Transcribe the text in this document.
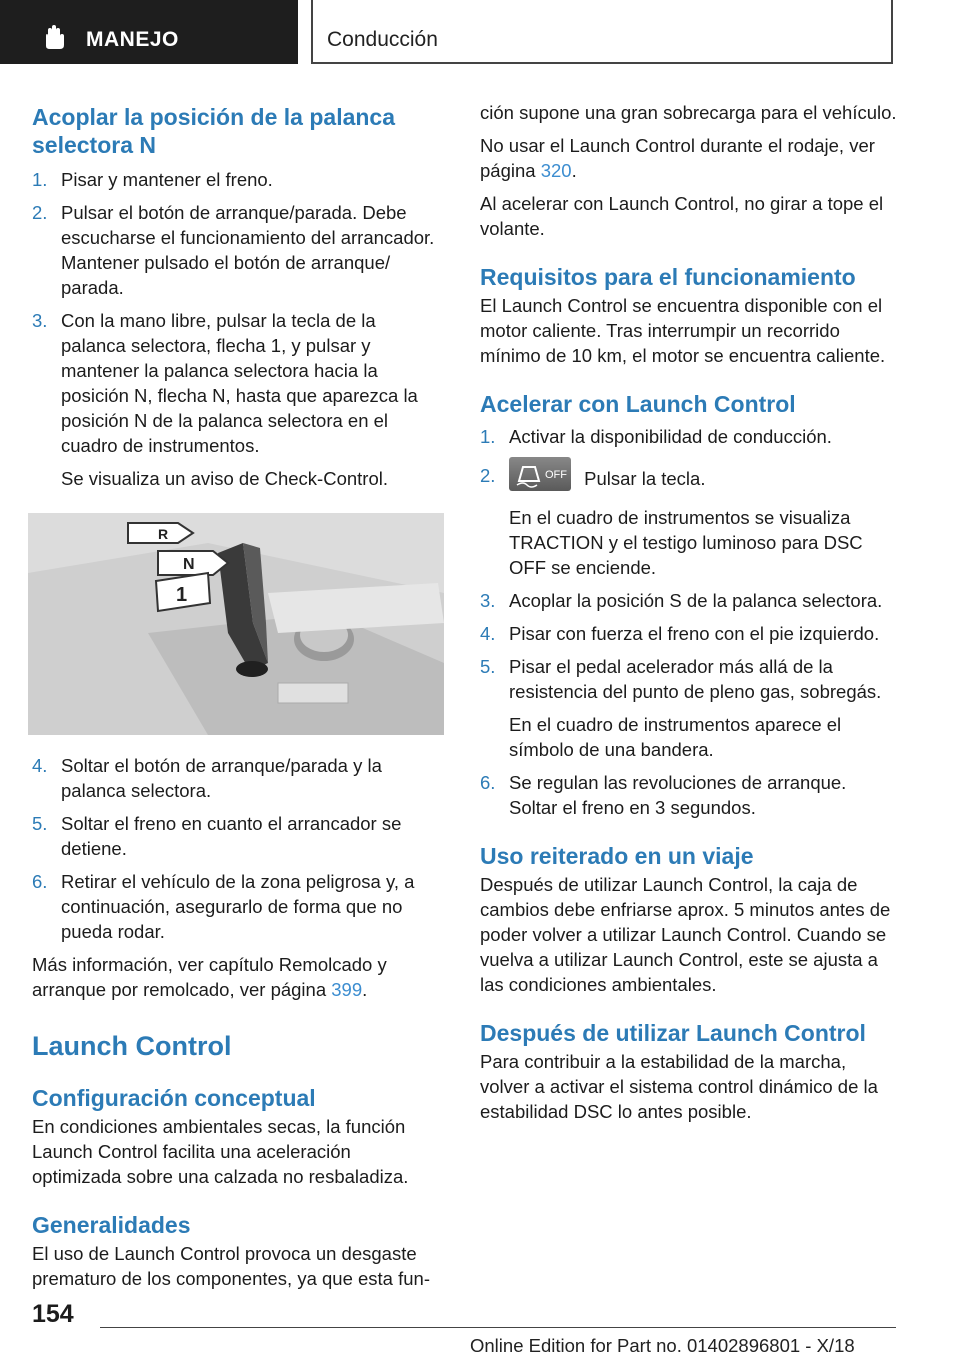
MANEJO	Conducción
Acoplar la posición de la palanca selectora N
1. Pisar y mantener el freno.
2. Pulsar el botón de arranque/parada. Debe escucharse el funcionamiento del arrancador. Mantener pulsado el botón de arranque/ parada.
3. Con la mano libre, pulsar la tecla de la palanca selectora, flecha 1, y pulsar y mantener la palanca selectora hacia la posición N, flecha N, hasta que aparezca la posición N de la palanca selectora en el cuadro de instrumentos.
Se visualiza un aviso de Check-Control.
R
N
1
4. Soltar el botón de arranque/parada y la palanca selectora.
5. Soltar el freno en cuanto el arrancador se detiene.
6. Retirar el vehículo de la zona peligrosa y, a continuación, asegurarlo de forma que no pueda rodar.

Más información, ver capítulo Remolcado y arranque por remolcado, ver página 399.

Launch Control
Configuración conceptual

En condiciones ambientales secas, la función Launch Control facilita una aceleración optimizada sobre una calzada no resbaladiza.

Generalidades

El uso de Launch Control provoca un desgaste prematuro de los componentes, ya que esta fun-

ción supone una gran sobrecarga para el vehículo.

No usar el Launch Control durante el rodaje, ver página 320.

Al acelerar con Launch Control, no girar a tope el volante.

Requisitos para el funcionamiento

El Launch Control se encuentra disponible con el motor caliente. Tras interrumpir un recorrido mínimo de 10 km, el motor se encuentra caliente.

Acelerar con Launch Control
1. Activar la disponibilidad de conducción.
2.	OFF Pulsar la tecla.
En el cuadro de instrumentos se visualiza TRACTION y el testigo luminoso para DSC OFF se enciende.
3. Acoplar la posición S de la palanca selectora.
4. Pisar con fuerza el freno con el pie izquierdo.
5. Pisar el pedal acelerador más allá de la resistencia del punto de pleno gas, sobregás.
En el cuadro de instrumentos aparece el símbolo de una bandera.
6. Se regulan las revoluciones de arranque. Soltar el freno en 3 segundos.
Uso reiterado en un viaje

Después de utilizar Launch Control, la caja de cambios debe enfriarse aprox. 5 minutos antes de poder volver a utilizar Launch Control. Cuando se vuelva a utilizar Launch Control, este se ajusta a las condiciones ambientales.

Después de utilizar Launch Control

Para contribuir a la estabilidad de la marcha, volver a activar el sistema control dinámico de la estabilidad DSC lo antes posible.

154
Online Edition for Part no. 01402896801 - X/18
